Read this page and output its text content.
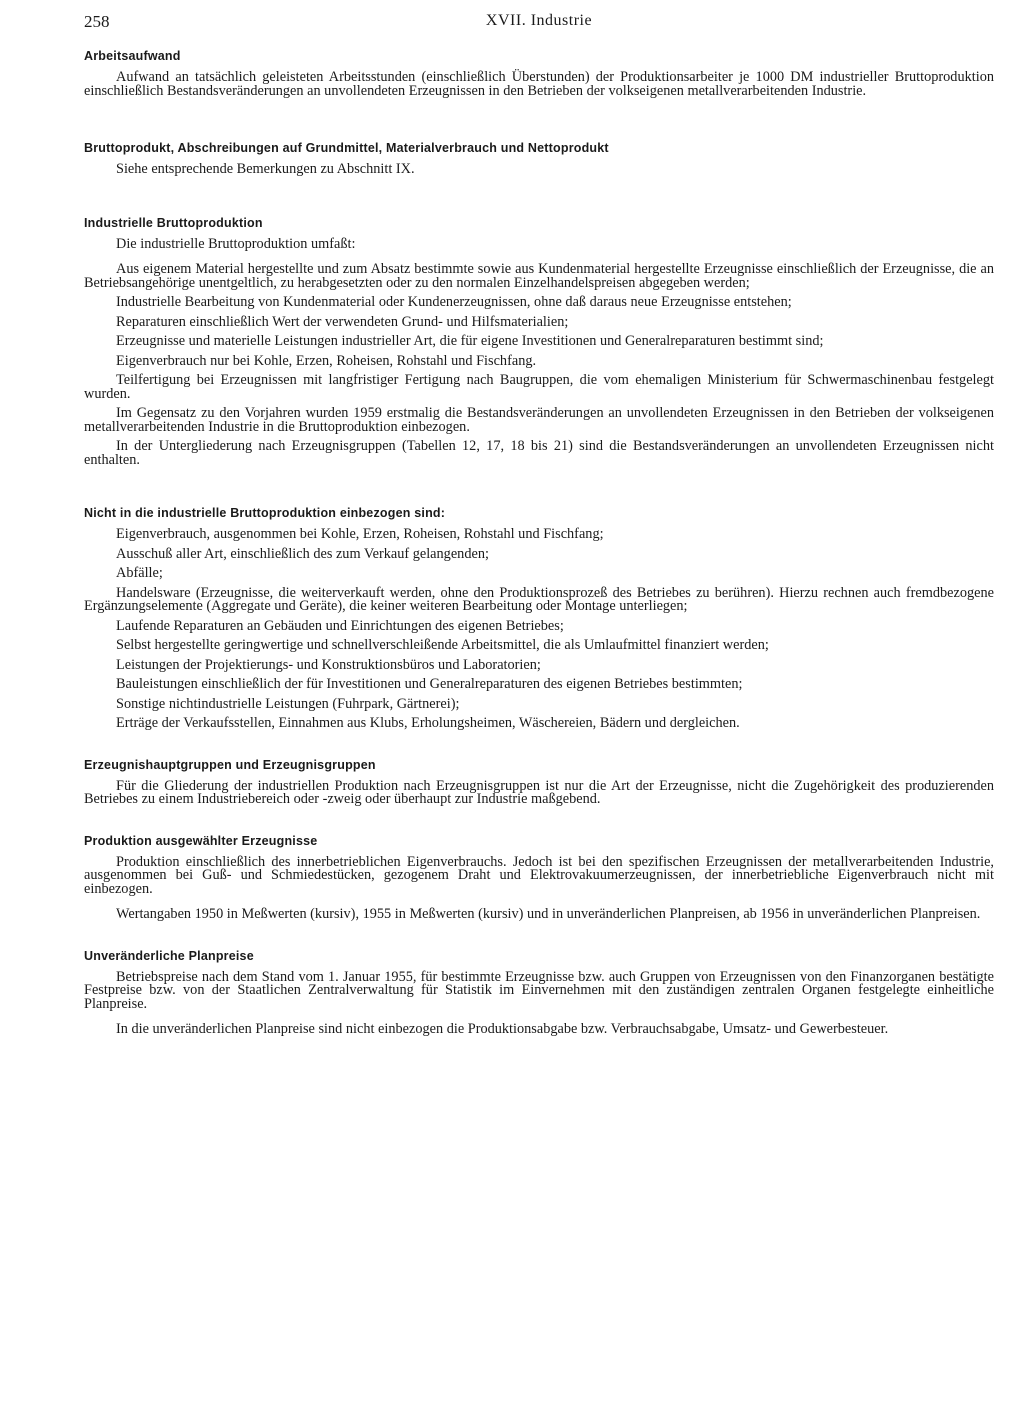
258	XVII. Industrie
Arbeitsaufwand

Aufwand an tatsächlich geleisteten Arbeitsstunden (einschließlich Überstunden) der Produktionsarbeiter je 1000 DM industrieller Bruttoproduktion einschließlich Bestandsveränderungen an unvollendeten Erzeugnissen in den Betrieben der volkseigenen metallverarbeitenden Industrie.

Bruttoprodukt, Abschreibungen auf Grundmittel, Materialverbrauch und Nettoprodukt

Siehe entsprechende Bemerkungen zu Abschnitt IX.

Industrielle Bruttoproduktion

Die industrielle Bruttoproduktion umfaßt:

Aus eigenem Material hergestellte und zum Absatz bestimmte sowie aus Kundenmaterial hergestellte Erzeugnisse einschließlich der Erzeugnisse, die an Betriebsangehörige unentgeltlich, zu herabgesetzten oder zu den normalen Einzelhandelspreisen abgegeben werden;

Industrielle Bearbeitung von Kundenmaterial oder Kundenerzeugnissen, ohne daß daraus neue Erzeugnisse entstehen;

Reparaturen einschließlich Wert der verwendeten Grund- und Hilfsmaterialien;

Erzeugnisse und materielle Leistungen industrieller Art, die für eigene Investitionen und Generalreparaturen bestimmt sind;

Eigenverbrauch nur bei Kohle, Erzen, Roheisen, Rohstahl und Fischfang.

Teilfertigung bei Erzeugnissen mit langfristiger Fertigung nach Baugruppen, die vom ehemaligen Ministerium für Schwermaschinenbau festgelegt wurden.

Im Gegensatz zu den Vorjahren wurden 1959 erstmalig die Bestandsveränderungen an unvollendeten Erzeugnissen in den Betrieben der volkseigenen metallverarbeitenden Industrie in die Bruttoproduktion einbezogen.

In der Untergliederung nach Erzeugnisgruppen (Tabellen 12, 17, 18 bis 21) sind die Bestandsveränderungen an unvollendeten Erzeugnissen nicht enthalten.

Nicht in die industrielle Bruttoproduktion einbezogen sind:

Eigenverbrauch, ausgenommen bei Kohle, Erzen, Roheisen, Rohstahl und Fischfang;

Ausschuß aller Art, einschließlich des zum Verkauf gelangenden;

Abfälle;

Handelsware (Erzeugnisse, die weiterverkauft werden, ohne den Produktionsprozeß des Betriebes zu berühren). Hierzu rechnen auch fremdbezogene Ergänzungselemente (Aggregate und Geräte), die keiner weiteren Bearbeitung oder Montage unterliegen;

Laufende Reparaturen an Gebäuden und Einrichtungen des eigenen Betriebes;

Selbst hergestellte geringwertige und schnellverschleißende Arbeitsmittel, die als Umlaufmittel finanziert werden;

Leistungen der Projektierungs- und Konstruktionsbüros und Laboratorien;

Bauleistungen einschließlich der für Investitionen und Generalreparaturen des eigenen Betriebes bestimmten;

Sonstige nichtindustrielle Leistungen (Fuhrpark, Gärtnerei);

Erträge der Verkaufsstellen, Einnahmen aus Klubs, Erholungsheimen, Wäschereien, Bädern und dergleichen.

Erzeugnishauptgruppen und Erzeugnisgruppen

Für die Gliederung der industriellen Produktion nach Erzeugnisgruppen ist nur die Art der Erzeugnisse, nicht die Zugehörigkeit des produzierenden Betriebes zu einem Industriebereich oder -zweig oder überhaupt zur Industrie maßgebend.

Produktion ausgewählter Erzeugnisse

Produktion einschließlich des innerbetrieblichen Eigenverbrauchs. Jedoch ist bei den spezifischen Erzeugnissen der metallverarbeitenden Industrie, ausgenommen bei Guß- und Schmiedestücken, gezogenem Draht und Elektrovakuumerzeugnissen, der innerbetriebliche Eigenverbrauch nicht mit einbezogen.

Wertangaben 1950 in Meßwerten (kursiv), 1955 in Meßwerten (kursiv) und in unveränderlichen Planpreisen, ab 1956 in unveränderlichen Planpreisen.

Unveränderliche Planpreise

Betriebspreise nach dem Stand vom 1. Januar 1955, für bestimmte Erzeugnisse bzw. auch Gruppen von Erzeugnissen von den Finanzorganen bestätigte Festpreise bzw. von der Staatlichen Zentralverwaltung für Statistik im Einvernehmen mit den zuständigen zentralen Organen festgelegte einheitliche Planpreise.

In die unveränderlichen Planpreise sind nicht einbezogen die Produktionsabgabe bzw. Verbrauchsabgabe, Umsatz- und Gewerbesteuer.
